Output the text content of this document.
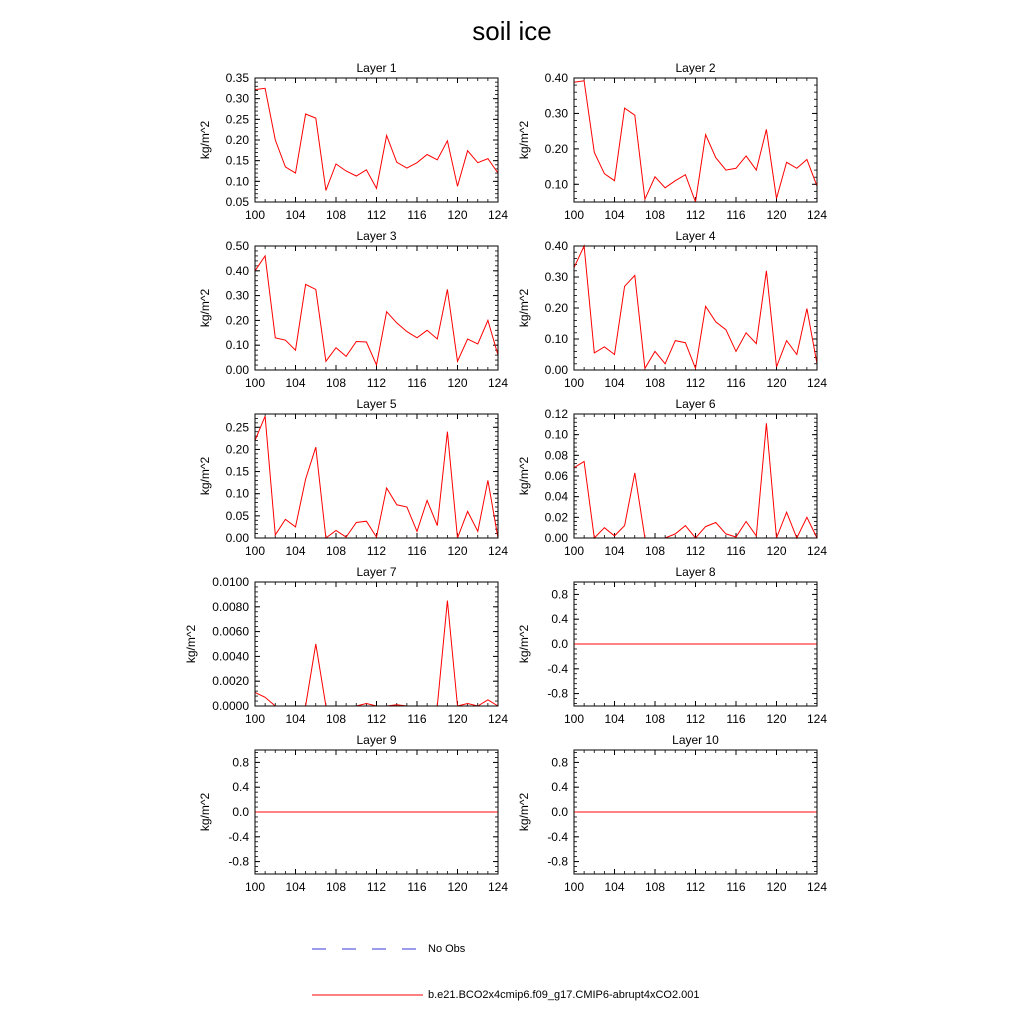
soil ice
Layer 1
kg/m^2
100 104 108 112 116 120 124
0.05
0.10
0.15
0.20
0.25
0.30
0.35
Layer 2
kg/m^2
100 104 108 112 116 120 124
0.10
0.20
0.30
0.40
Layer 3
kg/m^2
100 104 108 112 116 120 124
0.00
0.10
0.20
0.30
0.40
0.50
Layer 4
kg/m^2
100 104 108 112 116 120 124
0.00
0.10
0.20
0.30
0.40
Layer 5
kg/m^2
100 104 108 112 116 120 124
0.00
0.05
0.10
0.15
0.20
0.25
Layer 6
kg/m^2
100 104 108 112 116 120 124
0.00
0.02
0.04
0.06
0.08
0.10
0.12
Layer 7
kg/m^2
100 104 108 112 116 120 124
0.0000
0.0020
0.0040
0.0060
0.0080
0.0100
Layer 8
kg/m^2
100 104 108 112 116 120 124
-0.8
-0.4
0.0
0.4
0.8
Layer 9
kg/m^2
100 104 108 112 116 120 124
-0.8
-0.4
0.0
0.4
0.8
Layer 10
kg/m^2
100 104 108 112 116 120 124
-0.8
-0.4
0.0
0.4
0.8
No Obs
b.e21.BCO2x4cmip6.f09_g17.CMIP6-abrupt4xCO2.001
